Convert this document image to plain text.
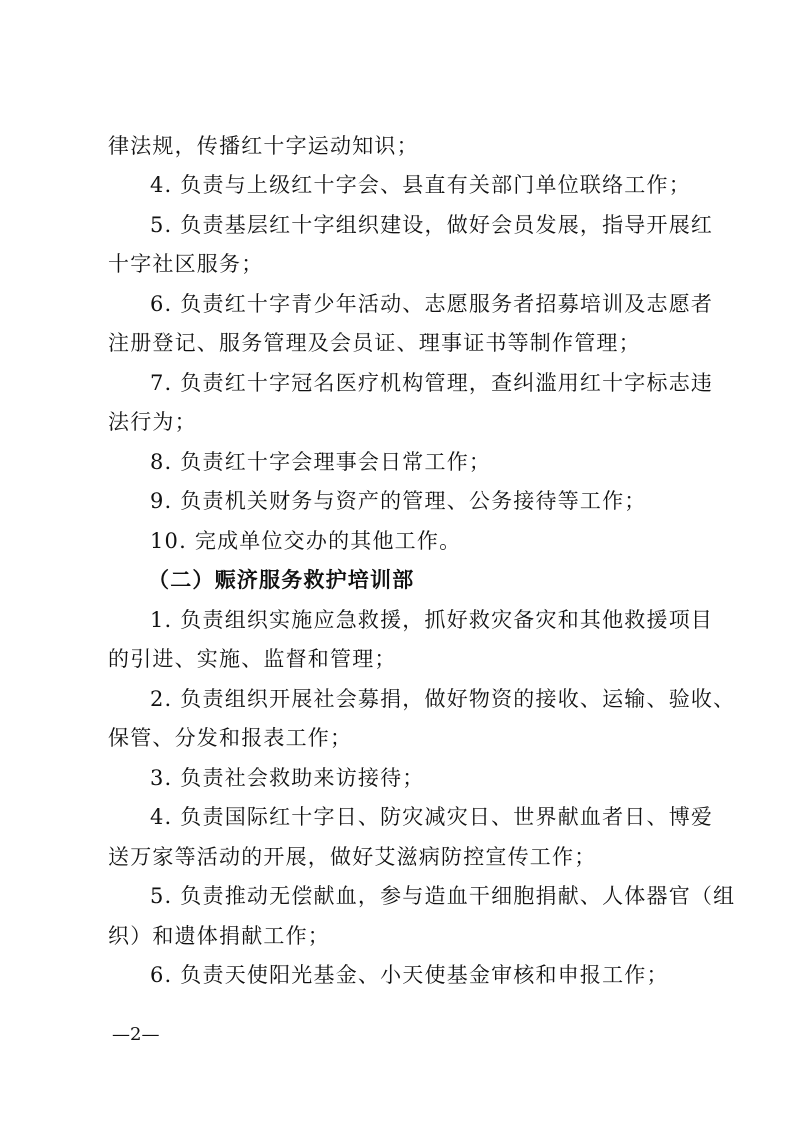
律法规，传播红十字运动知识；
4. 负责与上级红十字会、县直有关部门单位联络工作；
5. 负责基层红十字组织建设，做好会员发展，指导开展红
十字社区服务；
6. 负责红十字青少年活动、志愿服务者招募培训及志愿者
注册登记、服务管理及会员证、理事证书等制作管理；
7. 负责红十字冠名医疗机构管理，查纠滥用红十字标志违
法行为；
8. 负责红十字会理事会日常工作；
9. 负责机关财务与资产的管理、公务接待等工作；
10. 完成单位交办的其他工作。
（二）赈济服务救护培训部
1. 负责组织实施应急救援，抓好救灾备灾和其他救援项目
的引进、实施、监督和管理；
2. 负责组织开展社会募捐，做好物资的接收、运输、验收、
保管、分发和报表工作；
3. 负责社会救助来访接待；
4. 负责国际红十字日、防灾减灾日、世界献血者日、博爱
送万家等活动的开展，做好艾滋病防控宣传工作；
5. 负责推动无偿献血，参与造血干细胞捐献、人体器官（组
织）和遗体捐献工作；
6. 负责天使阳光基金、小天使基金审核和申报工作；
—2—
